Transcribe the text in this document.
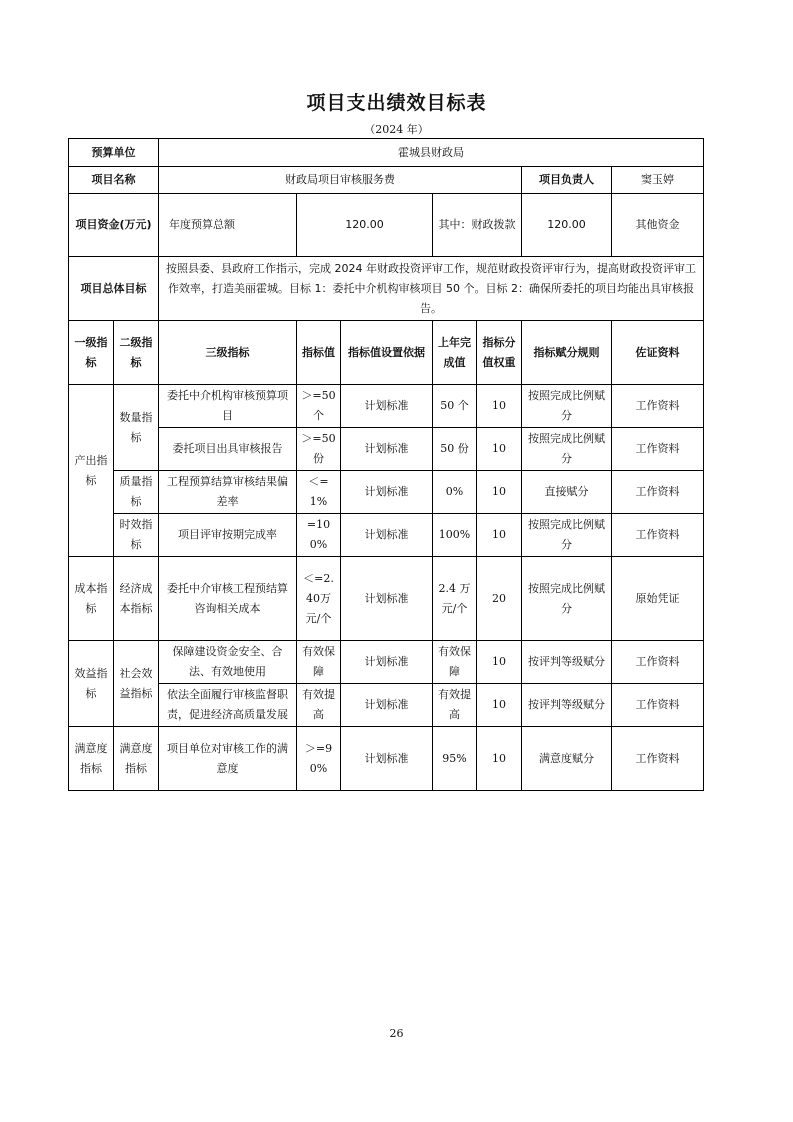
项目支出绩效目标表
（2024 年）
预算单位		霍城县财政局							
项目名称		财政局项目审核服务费					项目负责人	窦玉婷	
项目资金(万元)		年度预算总额	120.00		其中：财政拨款		120.00	其他资金	
项目总体目标		按照县委、县政府工作指示，完成 2024 年财政投资评审工作，规范财政投资评审行为，提高财政投资评审工作效率，打造美丽霍城。目标 1：委托中介机构审核项目 50 个。目标 2：确保所委托的项目均能出具审核报告。							
一级指标	二级指标	三级指标	指标值	指标值设置依据	上年完成值	指标分值权重	指标赋分规则	佐证资料	
产出指标	数量指标	委托中介机构审核预算项目	＞=50个	计划标准	50 个	10	按照完成比例赋分	工作资料	
		委托项目出具审核报告	＞=50份	计划标准	50 份	10	按照完成比例赋分	工作资料	
	质量指标	工程预算结算审核结果偏差率	＜=1%	计划标准	0%	10	直接赋分	工作资料	
	时效指标	项目评审按期完成率	=100%	计划标准	100%	10	按照完成比例赋分	工作资料	
成本指标	经济成本指标	委托中介审核工程预结算咨询相关成本	＜=2.40万元/个	计划标准	2.4 万元/个	20	按照完成比例赋分	原始凭证	
效益指标	社会效益指标	保障建设资金安全、合法、有效地使用	有效保障	计划标准	有效保障	10	按评判等级赋分	工作资料	
		依法全面履行审核监督职责，促进经济高质量发展	有效提高	计划标准	有效提高	10	按评判等级赋分	工作资料	
满意度指标	满意度指标	项目单位对审核工作的满意度	＞=90%	计划标准	95%	10	满意度赋分	工作资料	
26
